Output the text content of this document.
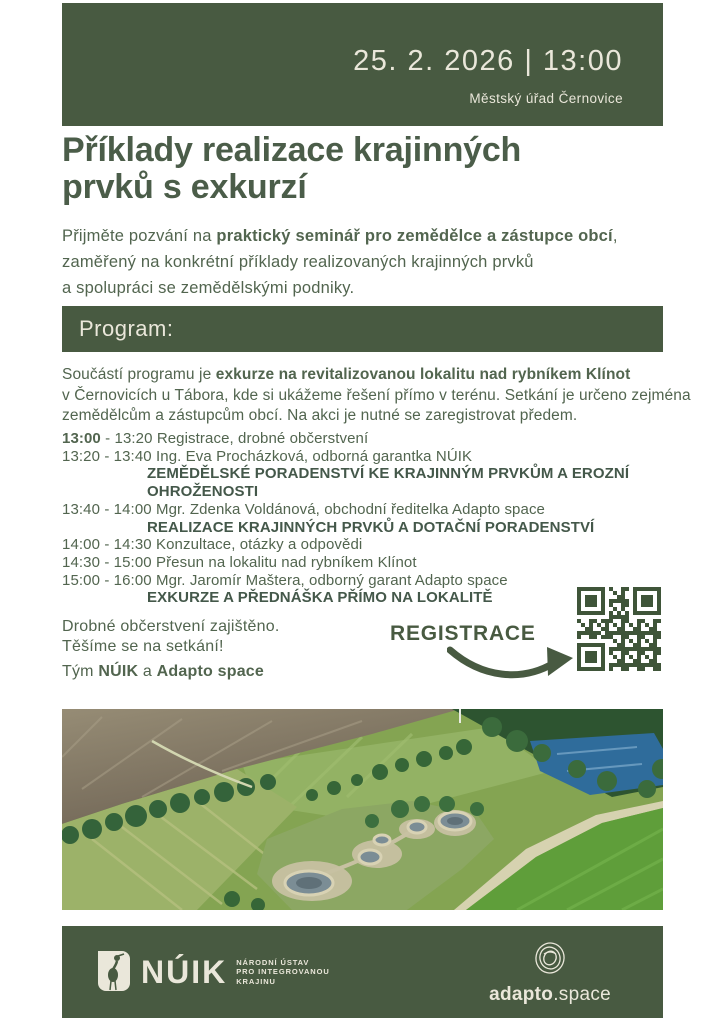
25. 2. 2026 | 13:00
Městský úřad Černovice
Příklady realizace krajinných
prvků s exkurzí
Přijměte pozvání na praktický seminář pro zemědělce a zástupce obcí,
zaměřený na konkrétní příklady realizovaných krajinných prvků
a spolupráci se zemědělskými podniky.
Program:
Součástí programu je exkurze na revitalizovanou lokalitu nad rybníkem Klínot
v Černovicích u Tábora, kde si ukážeme řešení přímo v terénu. Setkání je určeno zejména
zemědělcům a zástupcům obcí. Na akci je nutné se zaregistrovat předem.
13:00 - 13:20 Registrace, drobné občerstvení
13:20 - 13:40 Ing. Eva Procházková, odborná garantka NÚIK
ZEMĚDĚLSKÉ PORADENSTVÍ KE KRAJINNÝM PRVKŮM A EROZNÍ OHROŽENOSTI
13:40 - 14:00 Mgr. Zdenka Voldánová, obchodní ředitelka Adapto space
REALIZACE KRAJINNÝCH PRVKŮ A DOTAČNÍ PORADENSTVÍ
14:00 - 14:30 Konzultace, otázky a odpovědi
14:30 - 15:00 Přesun na lokalitu nad rybníkem Klínot
15:00 - 16:00 Mgr. Jaromír Maštera, odborný garant Adapto space
EXKURZE A PŘEDNÁŠKA PŘÍMO NA LOKALITĚ
Drobné občerstvení zajištěno.
Těšíme se na setkání!
Tým NÚIK a Adapto space
REGISTRACE
NÚIK NÁRODNÍ ÚSTAV
PRO INTEGROVANOU
KRAJINU
adapto.space
